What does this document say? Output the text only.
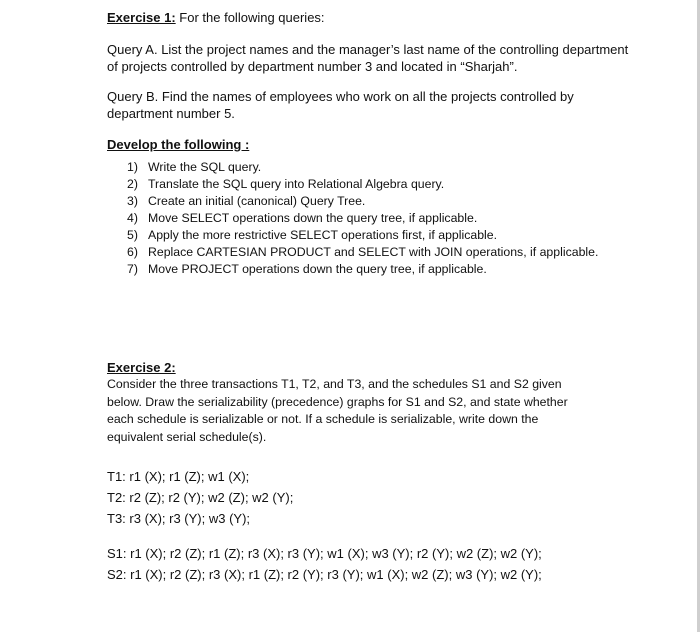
Exercise 1: For the following queries:
Query A. List the project names and the manager’s last name of the controlling department
of projects controlled by department number 3 and located in “Sharjah”.
Query B. Find the names of employees who work on all the projects controlled by
department number 5.
Develop the following :
1) Write the SQL query.
2) Translate the SQL query into Relational Algebra query.
3) Create an initial (canonical) Query Tree.
4) Move SELECT operations down the query tree, if applicable.
5) Apply the more restrictive SELECT operations first, if applicable.
6) Replace CARTESIAN PRODUCT and SELECT with JOIN operations, if applicable.
7) Move PROJECT operations down the query tree, if applicable.
Exercise 2:
Consider the three transactions T1, T2, and T3, and the schedules S1 and S2 given
below. Draw the serializability (precedence) graphs for S1 and S2, and state whether
each schedule is serializable or not. If a schedule is serializable, write down the
equivalent serial schedule(s).
T1: r1 (X); r1 (Z); w1 (X);
T2: r2 (Z); r2 (Y); w2 (Z); w2 (Y);
T3: r3 (X); r3 (Y); w3 (Y);
S1: r1 (X); r2 (Z); r1 (Z); r3 (X); r3 (Y); w1 (X); w3 (Y); r2 (Y); w2 (Z); w2 (Y);
S2: r1 (X); r2 (Z); r3 (X); r1 (Z); r2 (Y); r3 (Y); w1 (X); w2 (Z); w3 (Y); w2 (Y);
